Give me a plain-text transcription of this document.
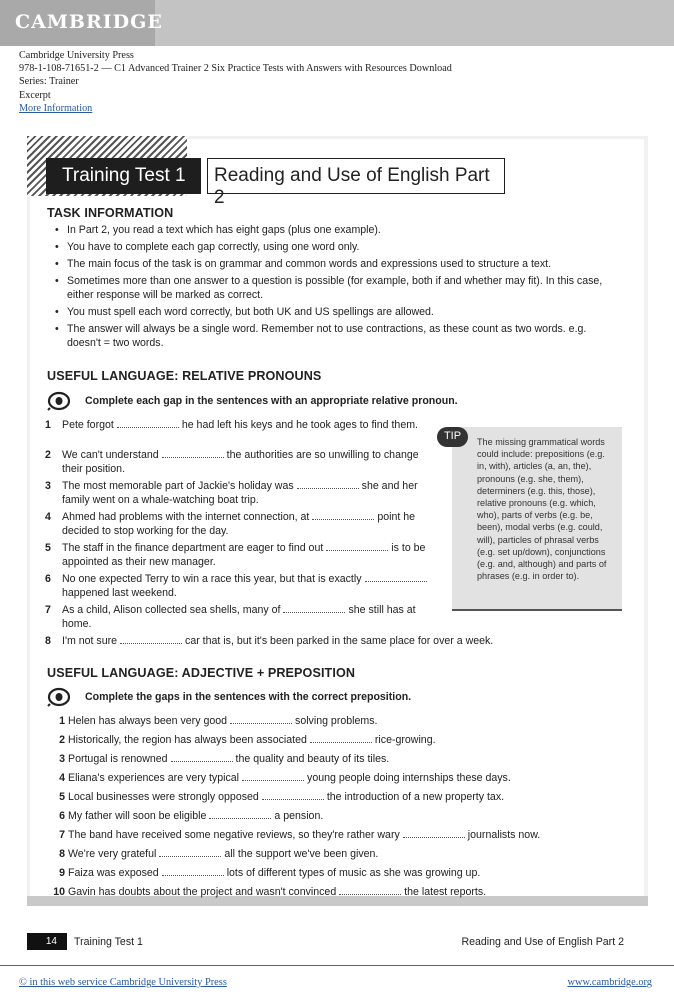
CAMBRIDGE
Cambridge University Press
978-1-108-71651-2 — C1 Advanced Trainer 2 Six Practice Tests with Answers with Resources Download
Series: Trainer
Excerpt
More Information
Training Test 1	Reading and Use of English Part 2
TASK INFORMATION
• In Part 2, you read a text which has eight gaps (plus one example).
• You have to complete each gap correctly, using one word only.
• The main focus of the task is on grammar and common words and expressions used to structure a text.
• Sometimes more than one answer to a question is possible (for example, both if and whether may fit). In this case, either response will be marked as correct.
• You must spell each word correctly, but both UK and US spellings are allowed.
• The answer will always be a single word. Remember not to use contractions, as these count as two words. e.g. doesn't = two words.
USEFUL LANGUAGE: RELATIVE PRONOUNS
Complete each gap in the sentences with an appropriate relative pronoun.
1 Pete forgot	he had left his keys and he took ages to find them.
2 We can't understand	the authorities are so unwilling to change their position.
3 The most memorable part of Jackie's holiday was	she and her family went on a whale-watching boat trip.
4 Ahmed had problems with the internet connection, at	point he decided to stop working for the day.
5 The staff in the finance department are eager to find out	is to be appointed as their new manager.
6 No one expected Terry to win a race this year, but that is exactlyhappened last weekend.
7 As a child, Alison collected sea shells, many of	she still has at home.
8 I'm not sure	car that is, but it's been parked in the same place for over a week.
The missing grammatical words could include: prepositions (e.g. in, with), articles (a, an, the), pronouns (e.g. she, them), determiners (e.g. this, those), relative pronouns (e.g. which, who), parts of verbs (e.g. be, been), modal verbs (e.g. could, will), particles of phrasal verbs (e.g. set up/down), conjunctions (e.g. and, although) and parts of phrases (e.g. in order to).
TIP
USEFUL LANGUAGE: ADJECTIVE + PREPOSITION
Complete the gaps in the sentences with the correct preposition.
1 Helen has always been very good	solving problems.
2 Historically, the region has always been associated	rice-growing.
3 Portugal is renowned	the quality and beauty of its tiles.
4 Eliana's experiences are very typical	young people doing internships these days.
5 Local businesses were strongly opposed	the introduction of a new property tax.
6 My father will soon be eligible	a pension.
7 The band have received some negative reviews, so they're rather wary	journalists now.
8 We're very grateful	all the support we've been given.
9 Faiza was exposed	lots of different types of music as she was growing up.
10 Gavin has doubts about the project and wasn't convinced	the latest reports.
14	Training Test 1	Reading and Use of English Part 2
© in this web service Cambridge University Press	www.cambridge.org
